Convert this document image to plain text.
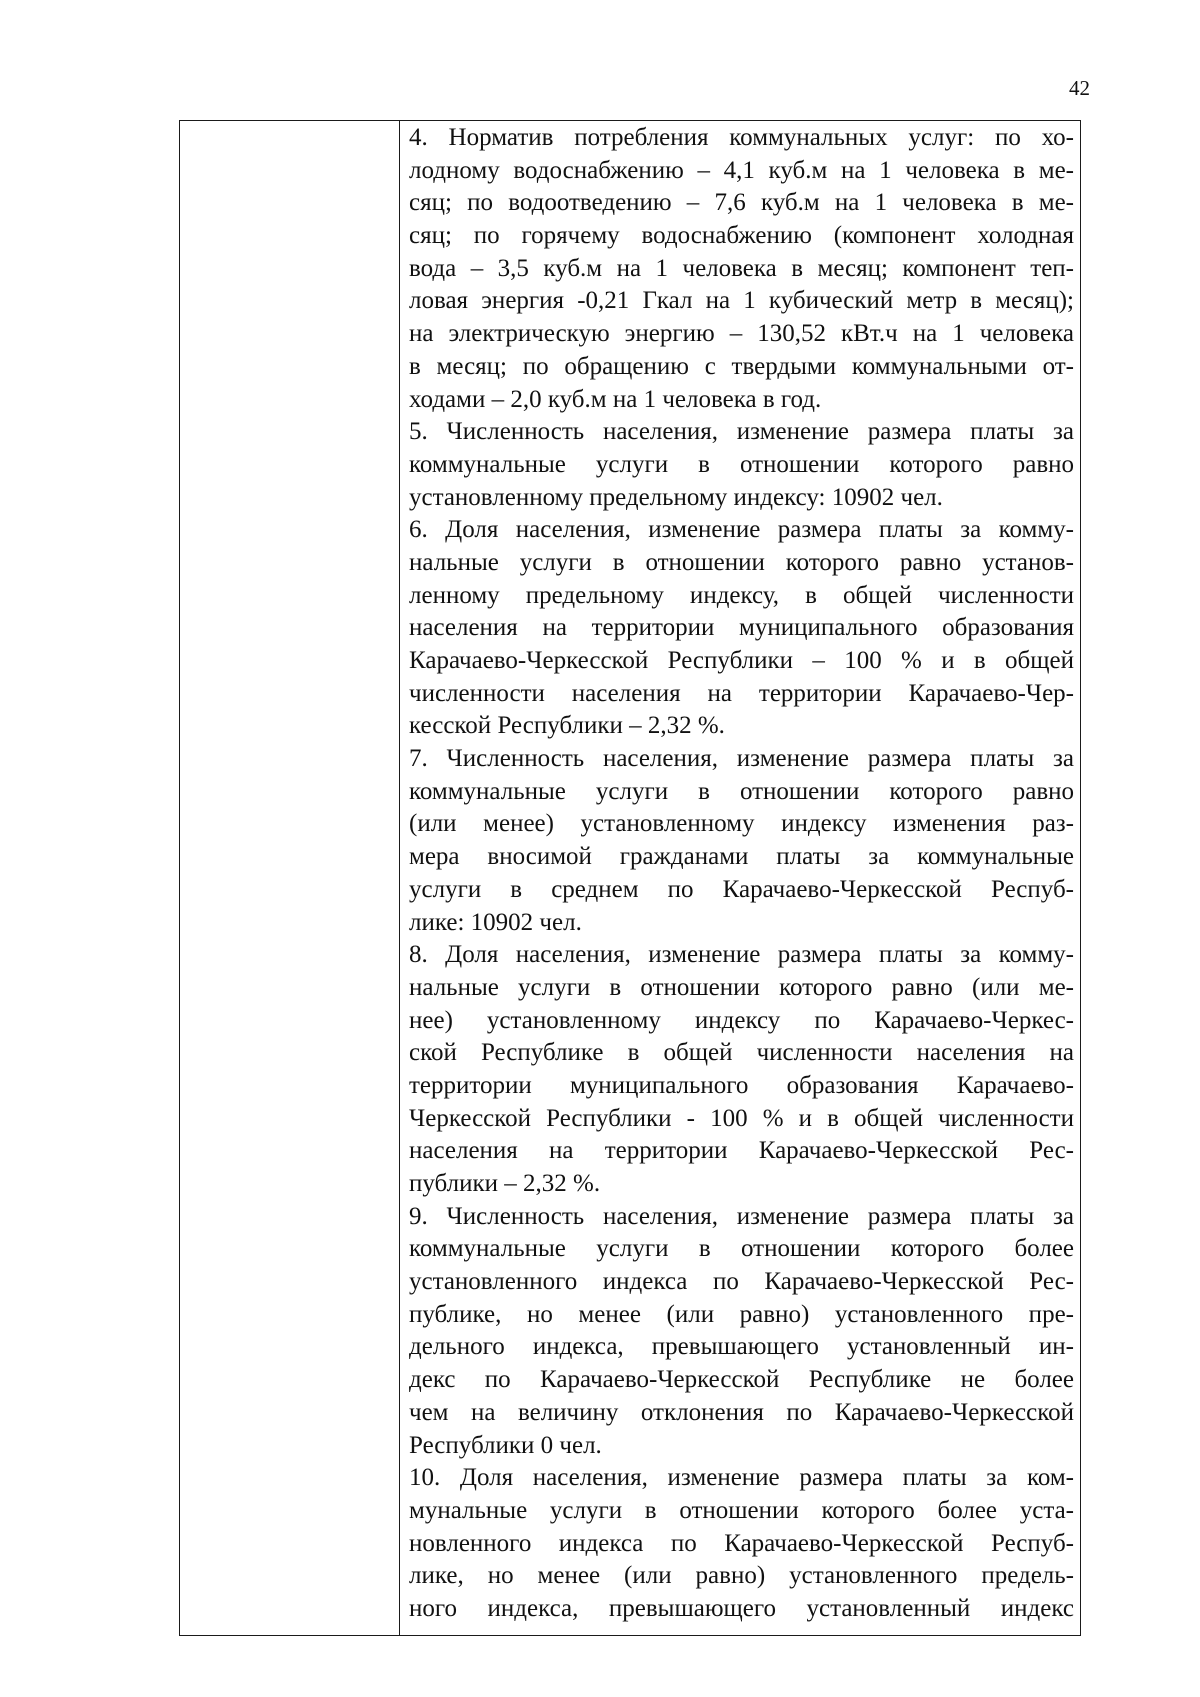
42
4. Норматив потребления коммунальных услуг: по хо-
лодному водоснабжению – 4,1 куб.м на 1 человека в ме-
сяц; по водоотведению – 7,6 куб.м на 1 человека в ме-
сяц; по горячему водоснабжению (компонент холодная
вода – 3,5 куб.м на 1 человека в месяц; компонент теп-
ловая энергия -0,21 Гкал на 1 кубический метр в месяц);
на электрическую энергию – 130,52 кВт.ч на 1 человека
в месяц; по обращению с твердыми коммунальными от-
ходами – 2,0 куб.м на 1 человека в год.
5. Численность населения, изменение размера платы за
коммунальные услуги в отношении которого равно
установленному предельному индексу: 10902 чел.
6. Доля населения, изменение размера платы за комму-
нальные услуги в отношении которого равно установ-
ленному предельному индексу, в общей численности
населения на территории муниципального образования
Карачаево-Черкесской Республики – 100 % и в общей
численности населения на территории Карачаево-Чер-
кесской Республики – 2,32 %.
7. Численность населения, изменение размера платы за
коммунальные услуги в отношении которого равно
(или менее) установленному индексу изменения раз-
мера вносимой гражданами платы за коммунальные
услуги в среднем по Карачаево-Черкесской Респуб-
лике: 10902 чел.
8. Доля населения, изменение размера платы за комму-
нальные услуги в отношении которого равно (или ме-
нее) установленному индексу по Карачаево-Черкес-
ской Республике в общей численности населения на
территории муниципального образования Карачаево-
Черкесской Республики - 100 % и в общей численности
населения на территории Карачаево-Черкесской Рес-
публики – 2,32 %.
9. Численность населения, изменение размера платы за
коммунальные услуги в отношении которого более
установленного индекса по Карачаево-Черкесской Рес-
публике, но менее (или равно) установленного пре-
дельного индекса, превышающего установленный ин-
декс по Карачаево-Черкесской Республике не более
чем на величину отклонения по Карачаево-Черкесской
Республики 0 чел.
10. Доля населения, изменение размера платы за ком-
мунальные услуги в отношении которого более уста-
новленного индекса по Карачаево-Черкесской Респуб-
лике, но менее (или равно) установленного предель-
ного индекса, превышающего установленный индекс
